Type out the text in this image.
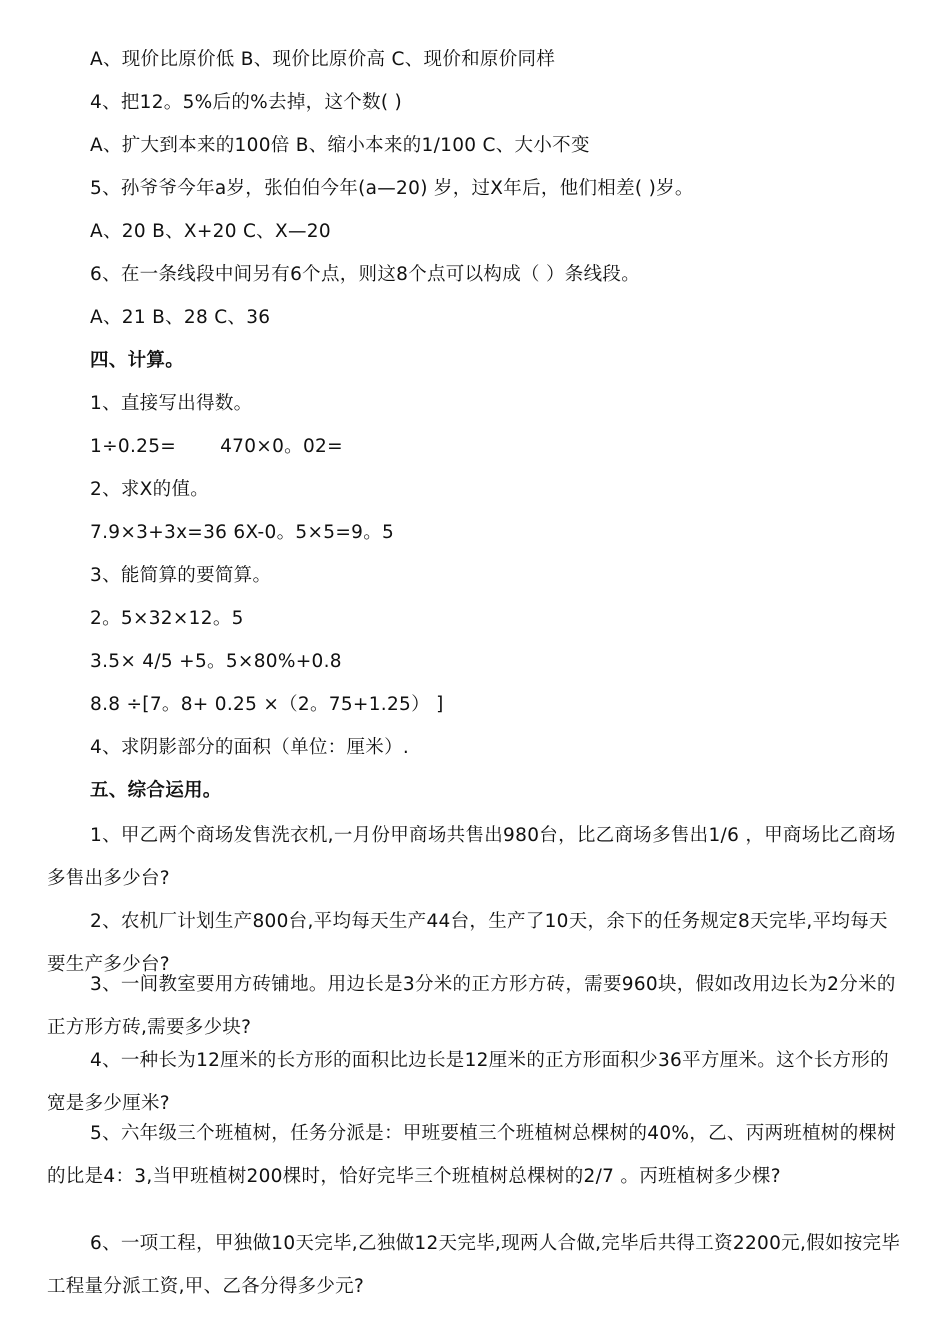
A、现价比原价低 B、现价比原价高 C、现价和原价同样
4、把12。5%后的%去掉，这个数( )
A、扩大到本来的100倍 B、缩小本来的1/100 C、大小不变
5、孙爷爷今年a岁，张伯伯今年(a—20) 岁，过X年后，他们相差( )岁。
A、20 B、X+20 C、X—20
6、在一条线段中间另有6个点，则这8个点可以构成（ ）条线段。
A、21 B、28 C、36
四、计算。
1、直接写出得数。
1÷0.25= 470×0。02=
2、求X的值。
7.9×3+3x=36 6X-0。5×5=9。5
3、能简算的要简算。
2。5×32×12。5
3.5× 4/5 +5。5×80%+0.8
8.8 ÷[7。8+ 0.25 ×（2。75+1.25） ]
4、求阴影部分的面积（单位：厘米）.
五、综合运用。
1、甲乙两个商场发售洗衣机,一月份甲商场共售出980台，比乙商场多售出1/6 ，甲商场比乙商场多售出多少台?
2、农机厂计划生产800台,平均每天生产44台，生产了10天，余下的任务规定8天完毕,平均每天要生产多少台?
3、一间教室要用方砖铺地。用边长是3分米的正方形方砖，需要960块，假如改用边长为2分米的正方形方砖,需要多少块?
4、一种长为12厘米的长方形的面积比边长是12厘米的正方形面积少36平方厘米。这个长方形的宽是多少厘米?
5、六年级三个班植树，任务分派是：甲班要植三个班植树总棵树的40%，乙、丙两班植树的棵树的比是4：3,当甲班植树200棵时，恰好完毕三个班植树总棵树的2/7 。丙班植树多少棵?
6、一项工程，甲独做10天完毕,乙独做12天完毕,现两人合做,完毕后共得工资2200元,假如按完毕工程量分派工资,甲、乙各分得多少元?
